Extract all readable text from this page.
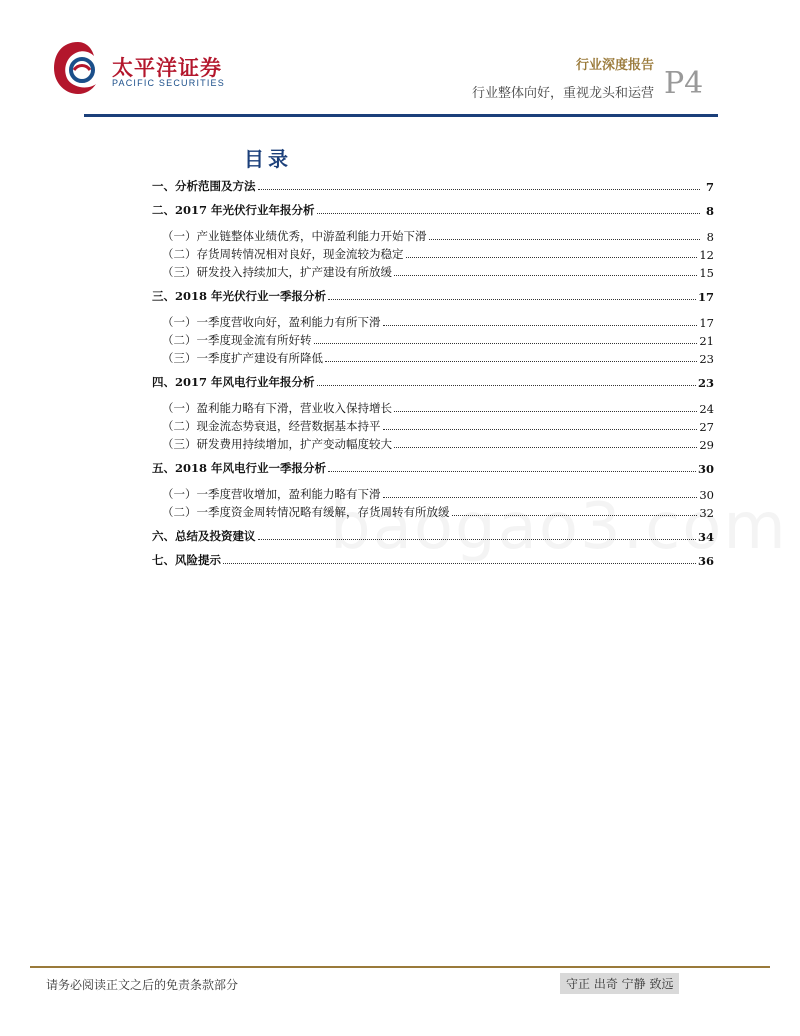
太平洋证券
PACIFIC SECURITIES
行业深度报告
行业整体向好，重视龙头和运营 P4
目录
一、分析范围及方法	7
二、2017 年光伏行业年报分析	8
（一）产业链整体业绩优秀，中游盈利能力开始下滑	8
（二）存货周转情况相对良好，现金流较为稳定	12
（三）研发投入持续加大，扩产建设有所放缓	15
三、2018 年光伏行业一季报分析	17
（一）一季度营收向好，盈利能力有所下滑	17
（二）一季度现金流有所好转	21
（三）一季度扩产建设有所降低	23
四、2017 年风电行业年报分析	23
（一）盈利能力略有下滑，营业收入保持增长	24
（二）现金流态势衰退，经营数据基本持平	27
（三）研发费用持续增加，扩产变动幅度较大	29
五、2018 年风电行业一季报分析	30
（一）一季度营收增加，盈利能力略有下滑	30
（二）一季度资金周转情况略有缓解，存货周转有所放缓	32
六、总结及投资建议	34
七、风险提示	36
请务必阅读正文之后的免责条款部分	守正 出奇 宁静 致远
